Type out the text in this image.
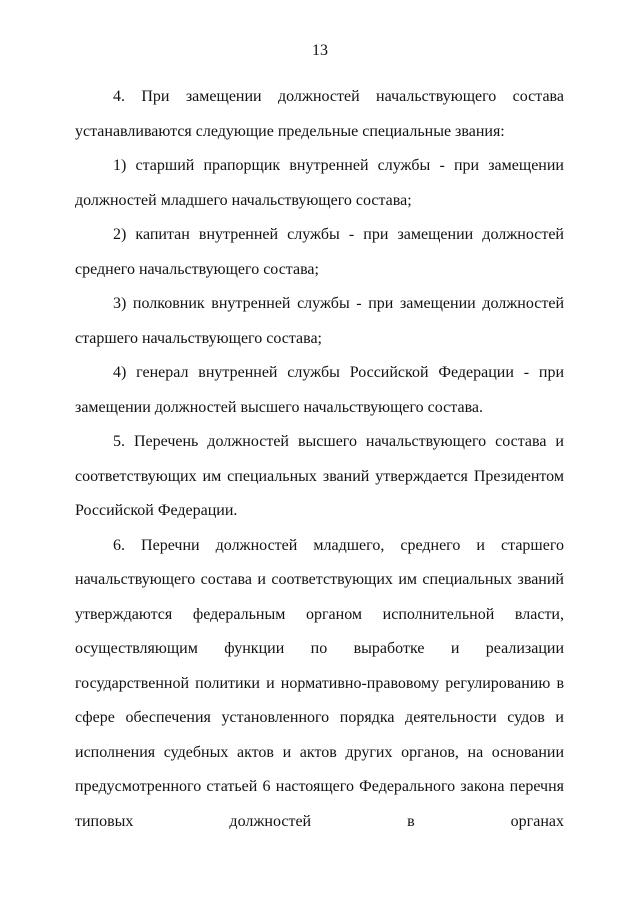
13

4. При замещении должностей начальствующего состава устанавливаются следующие предельные специальные звания:

1) старший прапорщик внутренней службы - при замещении должностей младшего начальствующего состава;

2) капитан внутренней службы - при замещении должностей среднего начальствующего состава;

3) полковник внутренней службы - при замещении должностей старшего начальствующего состава;

4) генерал внутренней службы Российской Федерации - при замещении должностей высшего начальствующего состава.

5. Перечень должностей высшего начальствующего состава и соответствующих им специальных званий утверждается Президентом Российской Федерации.

6. Перечни должностей младшего, среднего и старшего начальствующего состава и соответствующих им специальных званий утверждаются федеральным органом исполнительной власти, осуществляющим функции по выработке и реализации государственной политики и нормативно-правовому регулированию в сфере обеспечения установленного порядка деятельности судов и исполнения судебных актов и актов других органов, на основании предусмотренного статьей 6 настоящего Федерального закона перечня типовых должностей в органах
